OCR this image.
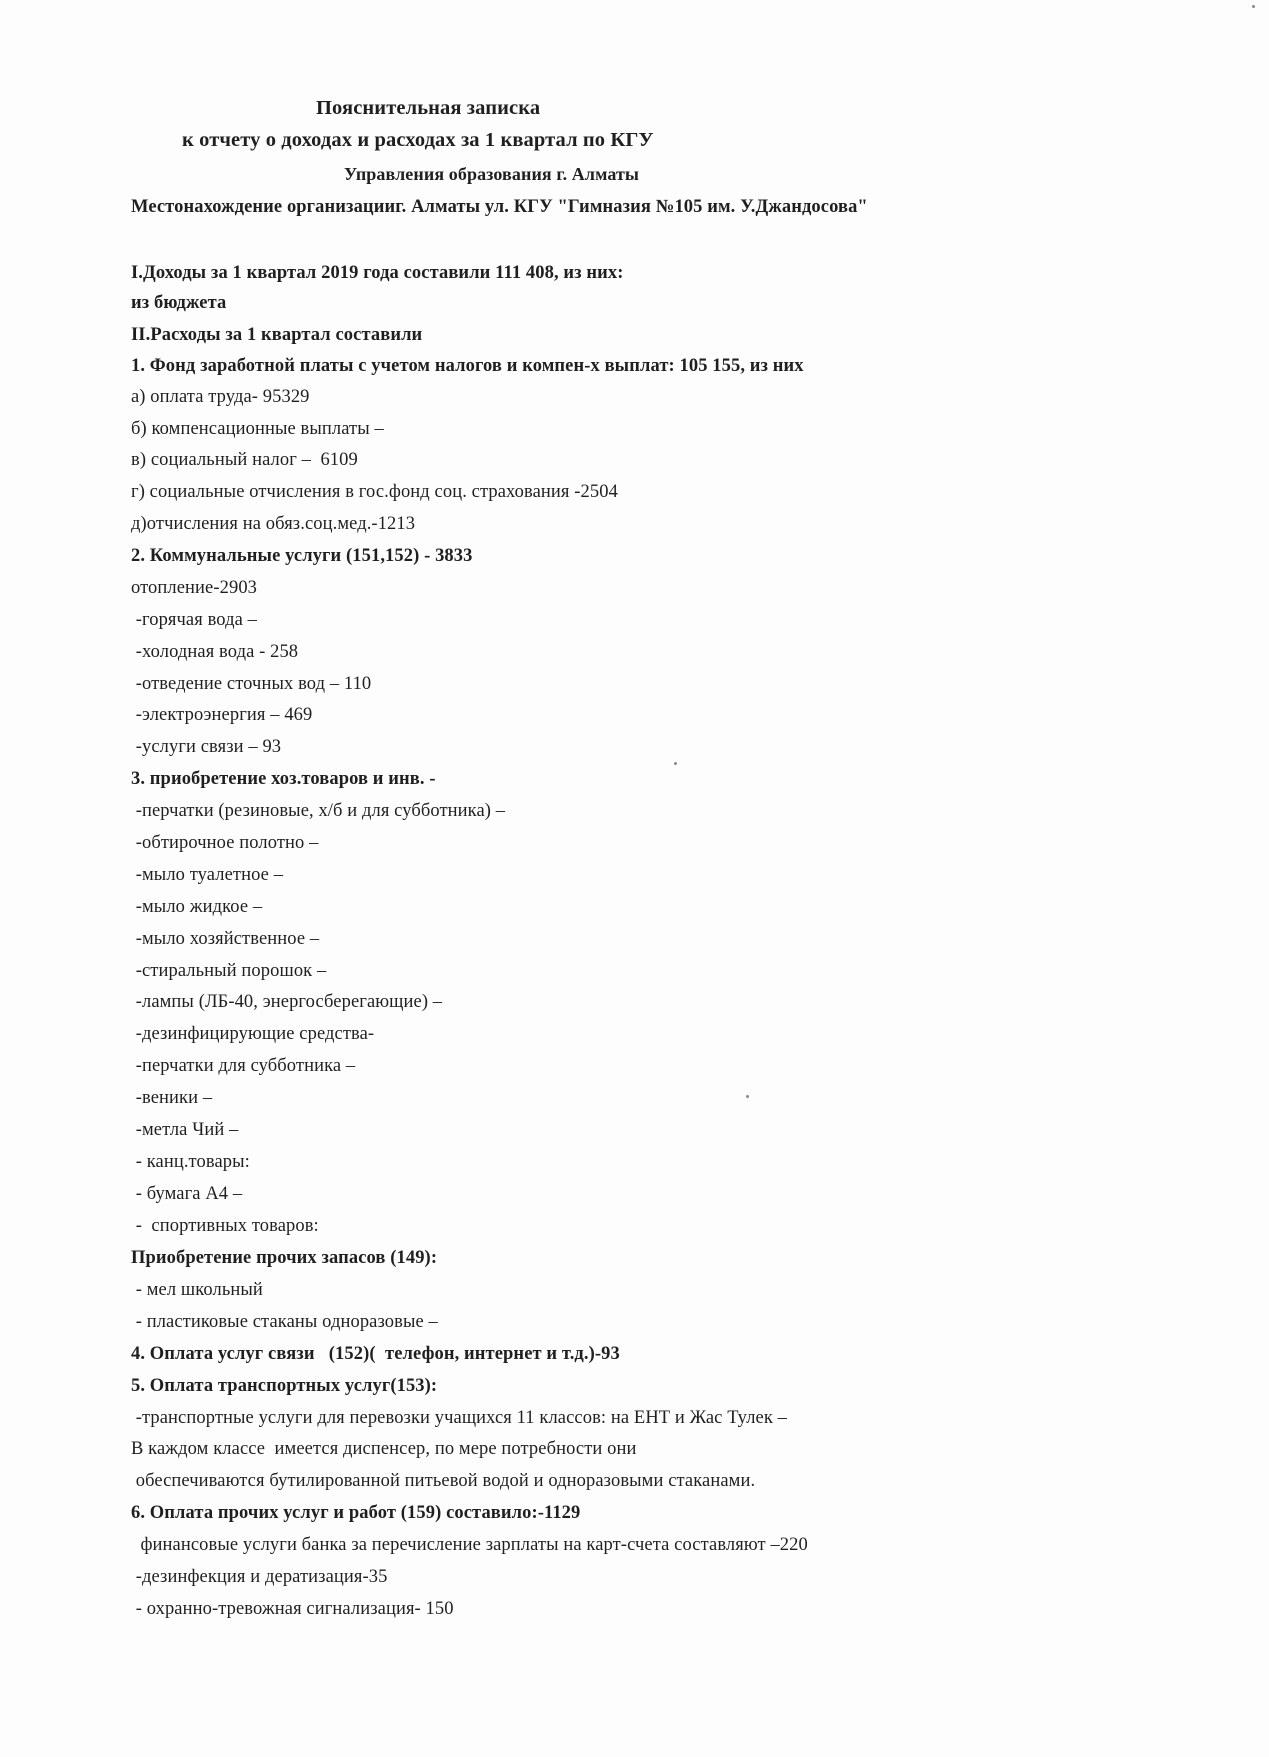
Пояснительная записка
к отчету о доходах и расходах за 1 квартал по КГУ
Управления образования г. Алматы
Местонахождение организацииг. Алматы ул. КГУ "Гимназия №105 им. У.Джандосова"
I.Доходы за 1 квартал 2019 года составили 111 408, из них:
из бюджета
II.Расходы за 1 квартал составили
1. Фонд заработной платы с учетом налогов и компен-х выплат: 105 155, из них
а) оплата труда- 95329
б) компенсационные выплаты –
в) социальный налог –  6109
г) социальные отчисления в гос.фонд соц. страхования -2504
д)отчисления на обяз.соц.мед.-1213
2. Коммунальные услуги (151,152) - 3833
отопление-2903
-горячая вода –
-холодная вода - 258
-отведение сточных вод – 110
-электроэнергия – 469
-услуги связи – 93
3. приобретение хоз.товаров и инв. -
-перчатки (резиновые, х/б и для субботника) –
-обтирочное полотно –
-мыло туалетное –
-мыло жидкое –
-мыло хозяйственное –
-стиральный порошок –
-лампы (ЛБ-40, энергосберегающие) –
-дезинфицирующие средства-
-перчатки для субботника –
-веники –
-метла Чий –
- канц.товары:
- бумага А4 –
-  спортивных товаров:
Приобретение прочих запасов (149):
- мел школьный
- пластиковые стаканы одноразовые –
4. Оплата услуг связи   (152)(  телефон, интернет и т.д.)-93
5. Оплата транспортных услуг(153):
-транспортные услуги для перевозки учащихся 11 классов: на ЕНТ и Жас Тулек –
В каждом классе  имеется диспенсер, по мере потребности они
обеспечиваются бутилированной питьевой водой и одноразовыми стаканами.
6. Оплата прочих услуг и работ (159) составило:-1129
финансовые услуги банка за перечисление зарплаты на карт-счета составляют –220
-дезинфекция и дератизация-35
- охранно-тревожная сигнализация- 150
